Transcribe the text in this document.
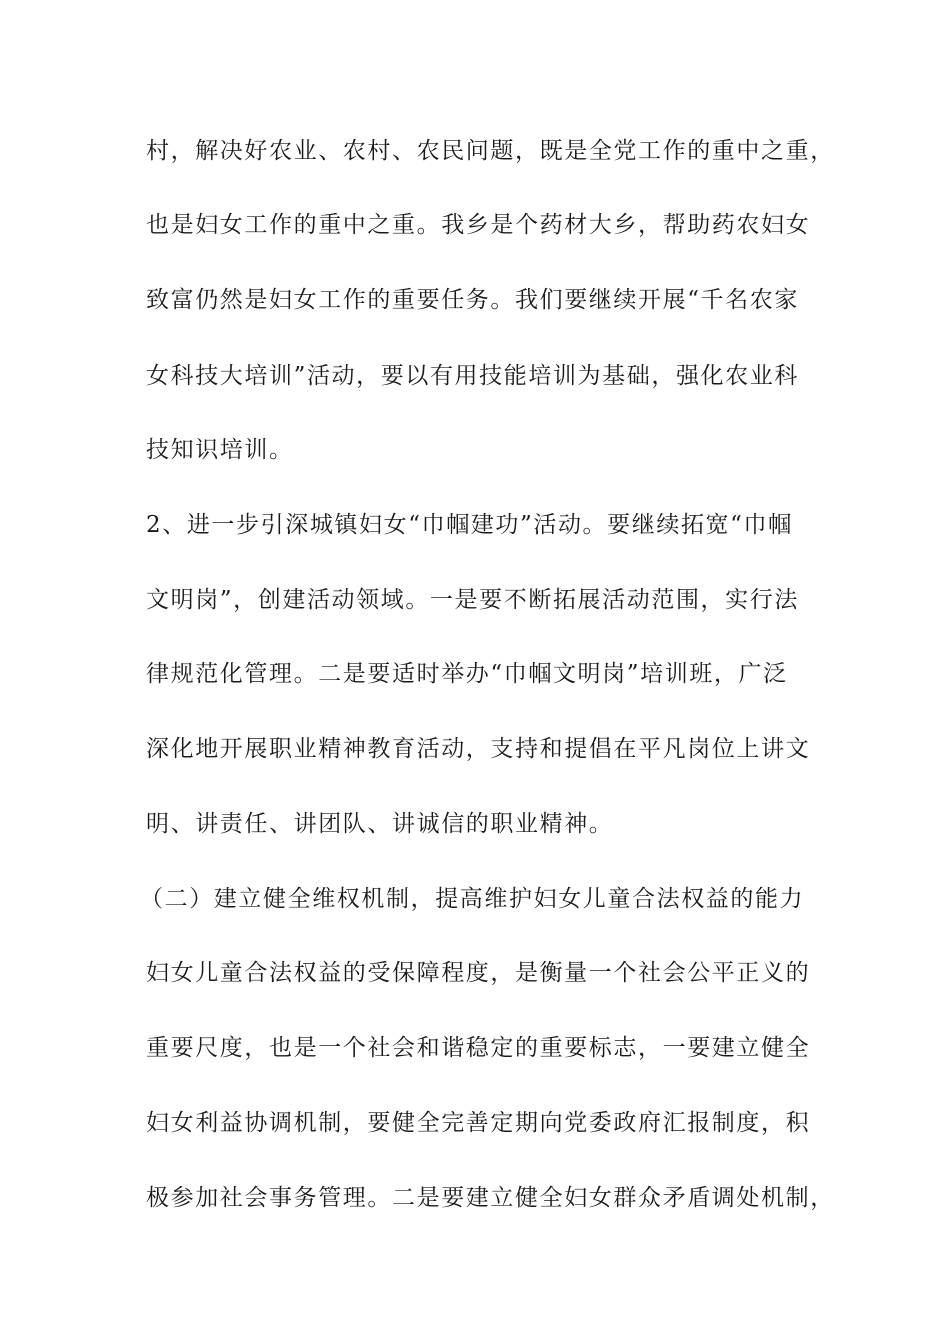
村，解决好农业、农村、农民问题，既是全党工作的重中之重，
也是妇女工作的重中之重。我乡是个药材大乡，帮助药农妇女
致富仍然是妇女工作的重要任务。我们要继续开展“千名农家
女科技大培训”活动，要以有用技能培训为基础，强化农业科
技知识培训。
2、进一步引深城镇妇女“巾帼建功”活动。要继续拓宽“巾帼
文明岗”，创建活动领域。一是要不断拓展活动范围，实行法
律规范化管理。二是要适时举办“巾帼文明岗”培训班，广泛
深化地开展职业精神教育活动，支持和提倡在平凡岗位上讲文
明、讲责任、讲团队、讲诚信的职业精神。
（二）建立健全维权机制，提高维护妇女儿童合法权益的能力
妇女儿童合法权益的受保障程度，是衡量一个社会公平正义的
重要尺度，也是一个社会和谐稳定的重要标志，一要建立健全
妇女利益协调机制，要健全完善定期向党委政府汇报制度，积
极参加社会事务管理。二是要建立健全妇女群众矛盾调处机制，
